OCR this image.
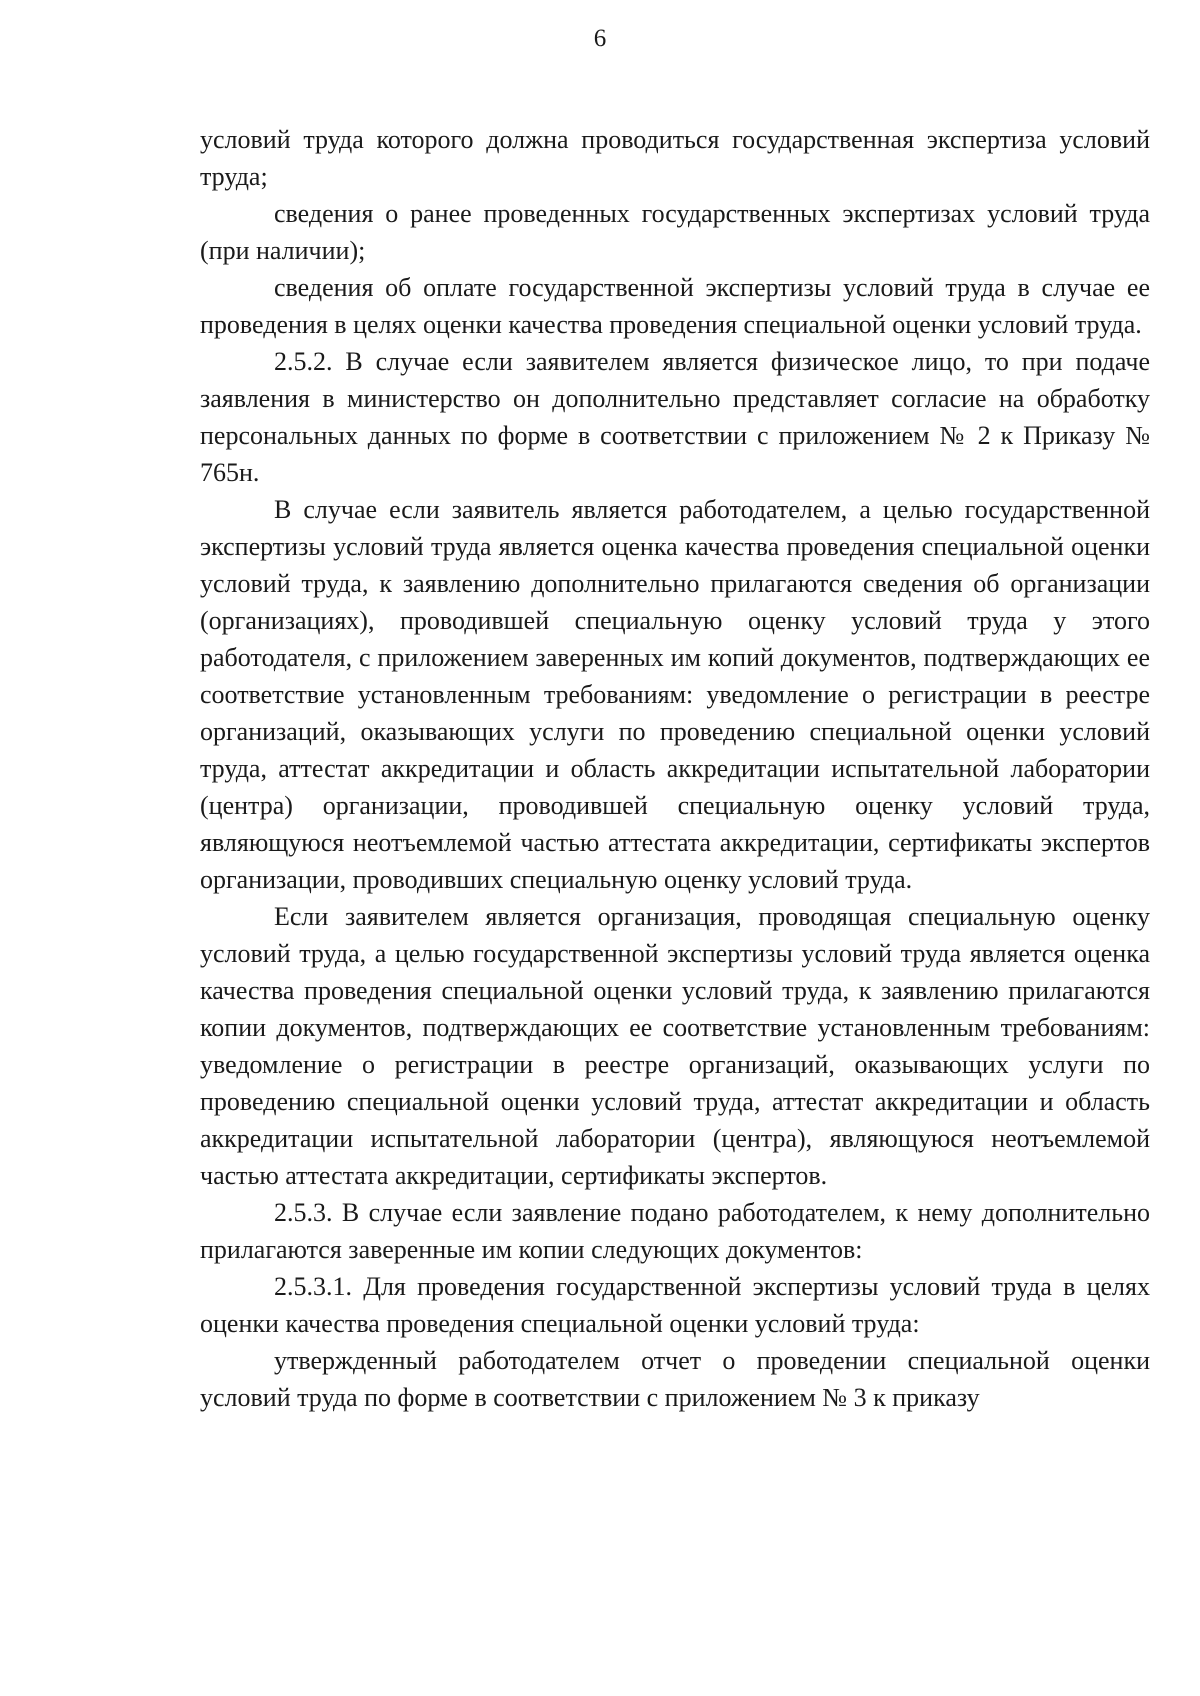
6

условий труда которого должна проводиться государственная экспертиза условий труда;

сведения о ранее проведенных государственных экспертизах условий труда (при наличии);

сведения об оплате государственной экспертизы условий труда в случае ее проведения в целях оценки качества проведения специальной оценки условий труда.

2.5.2. В случае если заявителем является физическое лицо, то при подаче заявления в министерство он дополнительно представляет согласие на обработку персональных данных по форме в соответствии с приложением № 2 к Приказу № 765н.

В случае если заявитель является работодателем, а целью государственной экспертизы условий труда является оценка качества проведения специальной оценки условий труда, к заявлению дополнительно прилагаются сведения об организации (организациях), проводившей специальную оценку условий труда у этого работодателя, с приложением заверенных им копий документов, подтверждающих ее соответствие установленным требованиям: уведомление о регистрации в реестре организаций, оказывающих услуги по проведению специальной оценки условий труда, аттестат аккредитации и область аккредитации испытательной лаборатории (центра) организации, проводившей специальную оценку условий труда, являющуюся неотъемлемой частью аттестата аккредитации, сертификаты экспертов организации, проводивших специальную оценку условий труда.

Если заявителем является организация, проводящая специальную оценку условий труда, а целью государственной экспертизы условий труда является оценка качества проведения специальной оценки условий труда, к заявлению прилагаются копии документов, подтверждающих ее соответствие установленным требованиям: уведомление о регистрации в реестре организаций, оказывающих услуги по проведению специальной оценки условий труда, аттестат аккредитации и область аккредитации испытательной лаборатории (центра), являющуюся неотъемлемой частью аттестата аккредитации, сертификаты экспертов.

2.5.3. В случае если заявление подано работодателем, к нему дополнительно прилагаются заверенные им копии следующих документов:

2.5.3.1. Для проведения государственной экспертизы условий труда в целях оценки качества проведения специальной оценки условий труда:

утвержденный работодателем отчет о проведении специальной оценки условий труда по форме в соответствии с приложением № 3 к приказу
